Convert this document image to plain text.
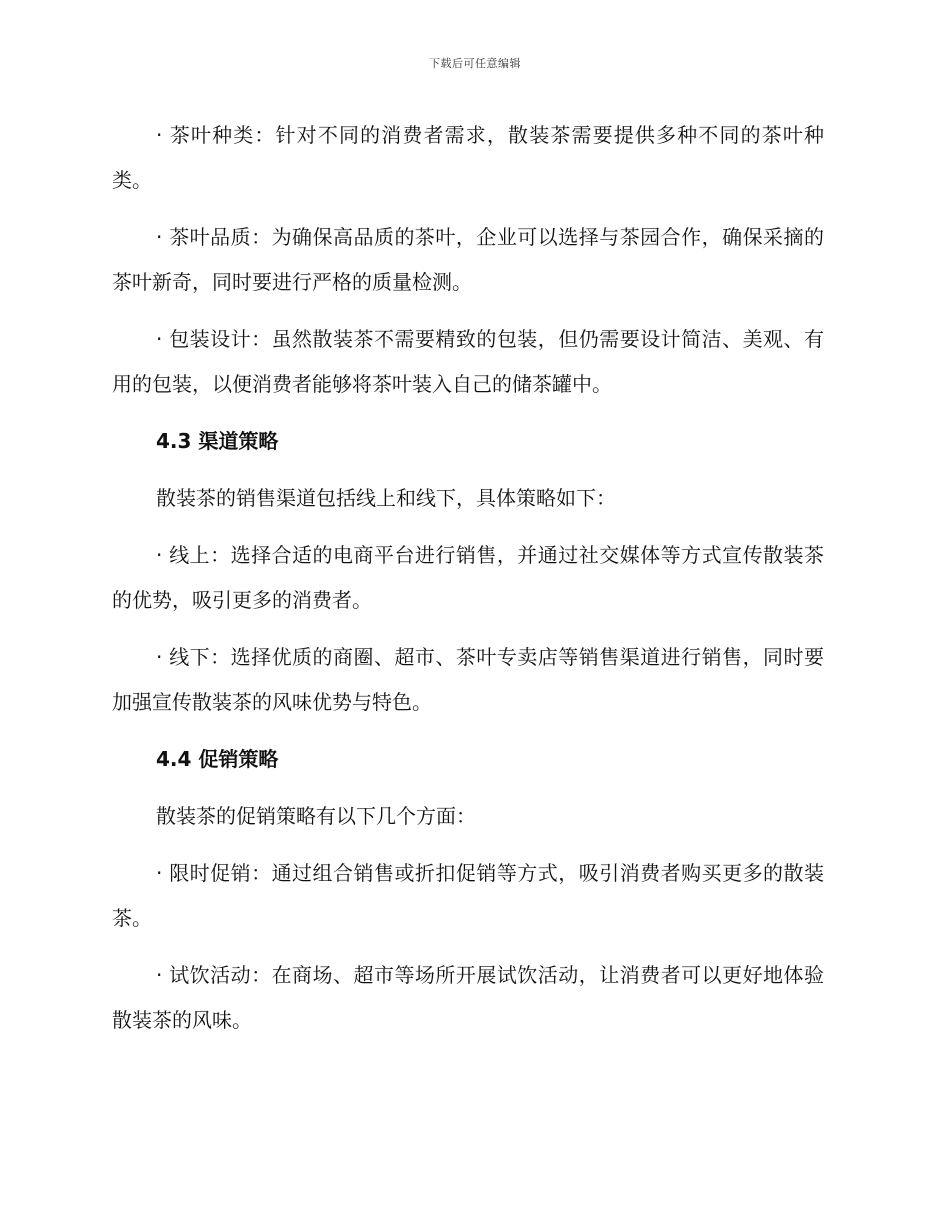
下载后可任意编辑

· 茶叶种类：针对不同的消费者需求，散装茶需要提供多种不同的茶叶种类。

· 茶叶品质：为确保高品质的茶叶，企业可以选择与茶园合作，确保采摘的茶叶新奇，同时要进行严格的质量检测。

· 包装设计：虽然散装茶不需要精致的包装，但仍需要设计简洁、美观、有用的包装，以便消费者能够将茶叶装入自己的储茶罐中。

4.3 渠道策略

散装茶的销售渠道包括线上和线下，具体策略如下：

· 线上：选择合适的电商平台进行销售，并通过社交媒体等方式宣传散装茶的优势，吸引更多的消费者。

· 线下：选择优质的商圈、超市、茶叶专卖店等销售渠道进行销售，同时要加强宣传散装茶的风味优势与特色。

4.4 促销策略

散装茶的促销策略有以下几个方面：

· 限时促销：通过组合销售或折扣促销等方式，吸引消费者购买更多的散装茶。

· 试饮活动：在商场、超市等场所开展试饮活动，让消费者可以更好地体验散装茶的风味。
